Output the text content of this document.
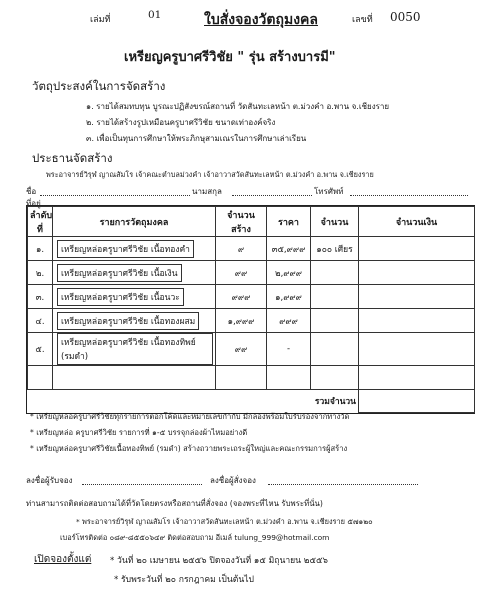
เล่มที่	01	ใบสั่งจองวัตถุมงคล	เลขที่ 0050
เหรียญครูบาศรีวิชัย " รุ่น สร้างบารมี"
วัตถุประสงค์ในการจัดสร้าง
๑. รายได้สมทบทุน บูรณะปฏิสังขรณ์สถานที่ วัดสันทะเลหน้า ต.ม่วงคำ อ.พาน จ.เชียงราย
๒. รายได้สร้างรูปเหมือนครูบาศรีวิชัย ขนาดเท่าองค์จริง
๓. เพื่อเป็นทุนการศึกษาให้พระภิกษุสามเณรในการศึกษาเล่าเรียน
ประธานจัดสร้าง
พระอาจารย์วิรุฬ ญาณสัมโร เจ้าคณะตำบลม่วงคำ เจ้าอาวาสวัดสันทะเลหน้า ต.ม่วงคำ อ.พาน จ.เชียงราย
ชื่อ	นามสกุล	โทรศัพท์
ที่อยู่
ลำดับที่	รายการวัตถุมงคล	จำนวนสร้าง	ราคา	จำนวน	จำนวนเงิน
๑.	เหรียญหล่อครูบาศรีวิชัย เนื้อทองคำ	๙	๓๕,๙๙๙	๑๐๐ เศียร	
๒.	เหรียญหล่อครูบาศรีวิชัย เนื้อเงิน	๙๙	๒,๙๙๙		
๓.	เหรียญหล่อครูบาศรีวิชัย เนื้อนวะ	๙๙๙	๑,๙๙๙		
๔.	เหรียญหล่อครูบาศรีวิชัย เนื้อทองผสม	๑,๙๙๙	๙๙๙		
๕.	เหรียญหล่อครูบาศรีวิชัย เนื้อทองทิพย์ (รมดำ)	๙๙	-		

รวมจำนวน					
* เหรียญหล่อครูบาศรีวิชัยทุกรายการตอกโค้ดและหมายเลขกำกับ มีกล่องพร้อมใบรับรองจากทางวัด
* เหรียญหล่อ ครูบาศรีวิชัย รายการที่ ๑-๕ บรรจุกล่องผ้าไหมอย่างดี
* เหรียญหล่อครูบาศรีวิชัยเนื้อทองทิพย์ (รมดำ) สร้างถวายพระเถระผู้ใหญ่และคณะกรรมการผู้สร้าง
ลงชื่อผู้รับจอง	ลงชื่อผู้สั่งจอง
ท่านสามารถติดต่อสอบถามได้ที่วัดโดยตรงหรือสถานที่สั่งจอง (จองพระที่ไหน รับพระที่นั่น)
* พระอาจารย์วิรุฬ ญาณสัมโร เจ้าอาวาสวัดสันทะเลหน้า ต.ม่วงคำ อ.พาน จ.เชียงราย ๕๗๑๒๐
เบอร์โทรติดต่อ ๐๘๙-๘๕๕๐๖๔๙ ติดต่อสอบถาม อีเมล์ tulung_999@hotmail.com
เปิดจองตั้งแต่ * วันที่ ๒๐ เมษายน ๒๕๕๖ ปิดจองวันที่ ๑๕ มิถุนายน ๒๕๕๖
* รับพระวันที่ ๒๐ กรกฎาคม เป็นต้นไป
